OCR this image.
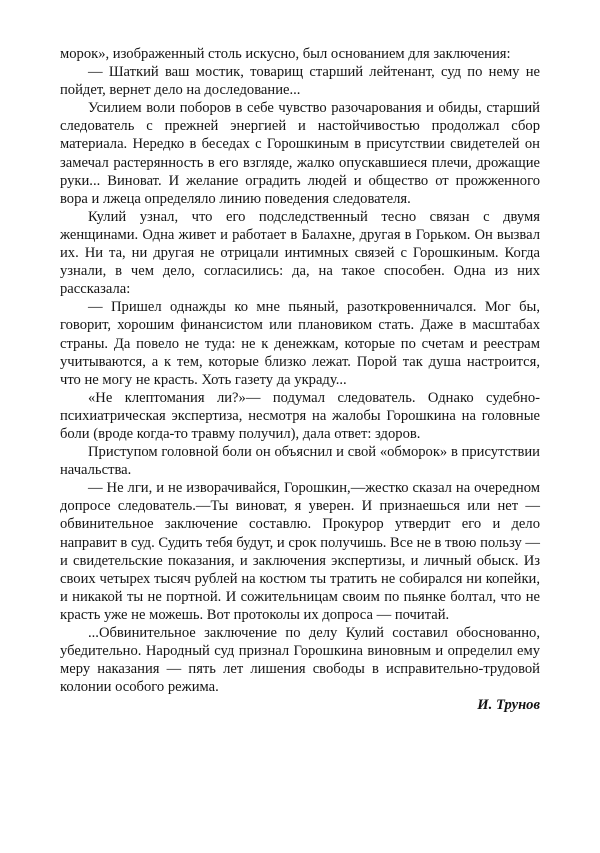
морок», изображенный столь искусно, был основанием для заключения:

— Шаткий ваш мостик, товарищ старший лейтенант, суд по нему не пойдет, вернет дело на доследование...

Усилием воли поборов в себе чувство разочарования и обиды, старший следователь с прежней энергией и настойчивостью продолжал сбор материала. Нередко в беседах с Горошкиным в присутствии свидетелей он замечал растерянность в его взгляде, жалко опускавшиеся плечи, дрожащие руки... Виноват. И желание оградить людей и общество от прожженного вора и лжеца определяло линию поведения следователя.

Кулий узнал, что его подследственный тесно связан с двумя женщинами. Одна живет и работает в Балахне, другая в Горьком. Он вызвал их. Ни та, ни другая не отрицали интимных связей с Горошкиным. Когда узнали, в чем дело, согласились: да, на такое способен. Одна из них рассказала:

— Пришел однажды ко мне пьяный, разоткровенничался. Мог бы, говорит, хорошим финансистом или плановиком стать. Даже в масштабах страны. Да повело не туда: не к денежкам, которые по счетам и реестрам учитываются, а к тем, которые близко лежат. Порой так душа настроится, что не могу не красть. Хоть газету да украду...

«Не клептомания ли?»— подумал следователь. Однако судебно-психиатрическая экспертиза, несмотря на жалобы Горошкина на головные боли (вроде когда-то травму получил), дала ответ: здоров.

Приступом головной боли он объяснил и свой «обморок» в присутствии начальства.

— Не лги, и не изворачивайся, Горошкин,—жестко сказал на очередном допросе следователь.—Ты виноват, я уверен. И признаешься или нет — обвинительное заключение составлю. Прокурор утвердит его и дело направит в суд. Судить тебя будут, и срок получишь. Все не в твою пользу — и свидетельские показания, и заключения экспертизы, и личный обыск. Из своих четырех тысяч рублей на костюм ты тратить не собирался ни копейки, и никакой ты не портной. И сожительницам своим по пьянке болтал, что не красть уже не можешь. Вот протоколы их допроса — почитай.

...Обвинительное заключение по делу Кулий составил обоснованно, убедительно. Народный суд признал Горошкина виновным и определил ему меру наказания — пять лет лишения свободы в исправительно-трудовой колонии особого режима.

И. Трунов
